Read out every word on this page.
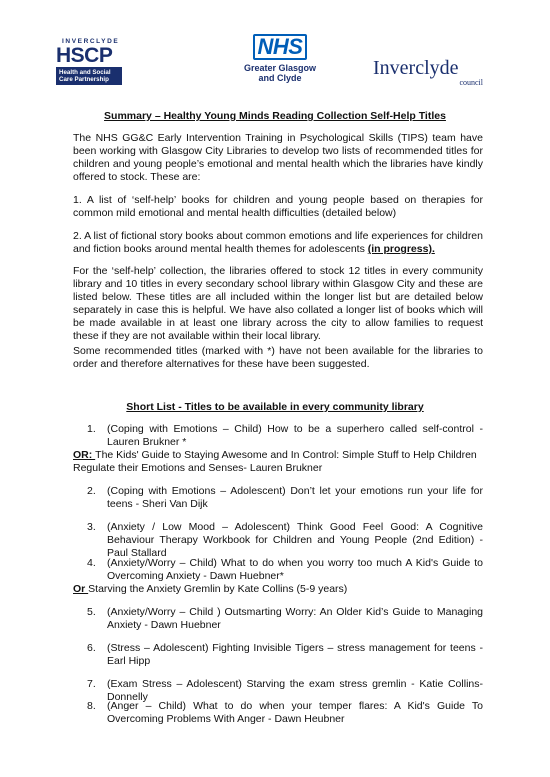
INVERCLYDE
HSCP
Health and Social
Care Partnership
NHS
Greater Glasgow
and Clyde	Inverclyde
council
Summary – Healthy Young Minds Reading Collection Self-Help Titles
The NHS GG&C Early Intervention Training in Psychological Skills (TIPS) team have been working with Glasgow City Libraries to develop two lists of recommended titles for children and young people’s emotional and mental health which the libraries have kindly offered to stock. These are:
1. A list of ‘self-help’ books for children and young people based on therapies for common mild emotional and mental health difficulties (detailed below)
2. A list of fictional story books about common emotions and life experiences for children and fiction books around mental health themes for adolescents (in progress).
For the ‘self-help’ collection, the libraries offered to stock 12 titles in every community library and 10 titles in every secondary school library within Glasgow City and these are listed below. These titles are all included within the longer list but are detailed below separately in case this is helpful. We have also collated a longer list of books which will be made available in at least one library across the city to allow families to request these if they are not available within their local library.
Some recommended titles (marked with *) have not been available for the libraries to order and therefore alternatives for these have been suggested.
Short List - Titles to be available in every community library
1. (Coping with Emotions – Child) How to be a superhero called self-control - Lauren Brukner *
OR: The Kids' Guide to Staying Awesome and In Control: Simple Stuff to Help Children Regulate their Emotions and Senses- Lauren Brukner
2. (Coping with Emotions – Adolescent) Don’t let your emotions run your life for teens - Sheri Van Dijk
3. (Anxiety / Low Mood – Adolescent) Think Good Feel Good: A Cognitive Behaviour Therapy Workbook for Children and Young People (2nd Edition) - Paul Stallard
4. (Anxiety/Worry – Child) What to do when you worry too much A Kid's Guide to Overcoming Anxiety - Dawn Huebner*
Or Starving the Anxiety Gremlin by Kate Collins (5-9 years)
5. (Anxiety/Worry – Child ) Outsmarting Worry: An Older Kid’s Guide to Managing Anxiety - Dawn Huebner
6. (Stress – Adolescent) Fighting Invisible Tigers – stress management for teens - Earl Hipp
7. (Exam Stress – Adolescent) Starving the exam stress gremlin - Katie Collins-Donnelly
8. (Anger – Child) What to do when your temper flares: A Kid's Guide To Overcoming Problems With Anger - Dawn Heubner
